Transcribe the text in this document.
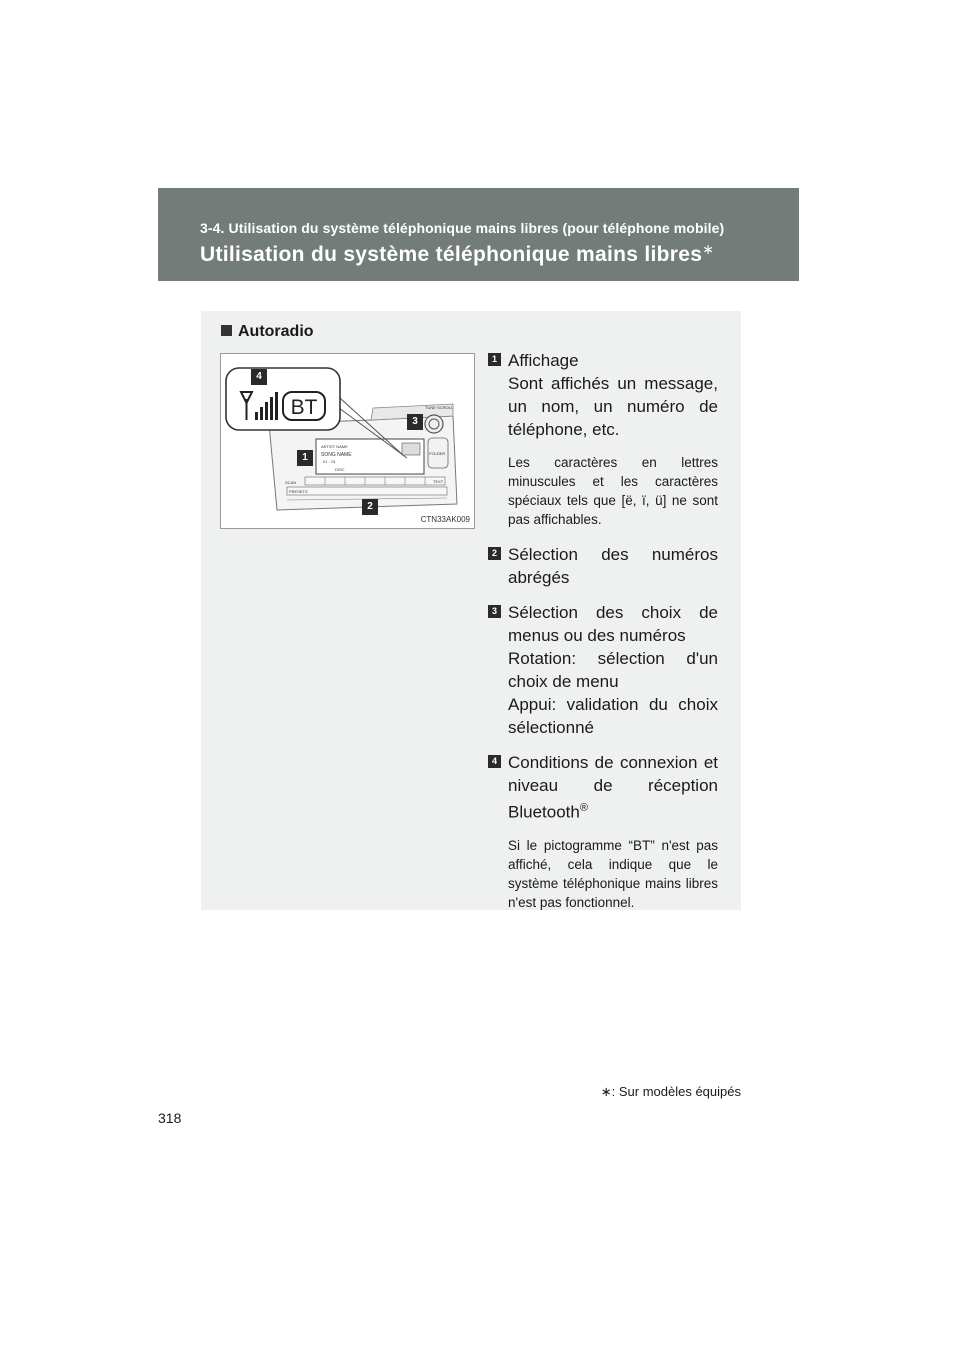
3-4. Utilisation du système téléphonique mains libres (pour téléphone mobile)
Utilisation du système téléphonique mains libres∗
Autoradio
TUNE·SCROLL
ARTIST NAME
SONG NAME
01 : 15
DISC
FOLDER
SCAN	TEXT
PRESETS
BT
4
3
1
2
CTN33AK009
1 Affichage
Sont affichés un message, un nom, un numéro de téléphone, etc.
Les caractères en lettres minuscules et les caractères spéciaux tels que [ë, ï, ü] ne sont pas affichables.
2 Sélection des numéros abrégés
3 Sélection des choix de menus ou des numéros
Rotation: sélection d'un choix de menu
Appui: validation du choix sélectionné
4 Conditions de connexion et niveau de réception Bluetooth®
Si le pictogramme “BT” n'est pas affiché, cela indique que le système téléphonique mains libres n'est pas fonctionnel.
∗: Sur modèles équipés
318
